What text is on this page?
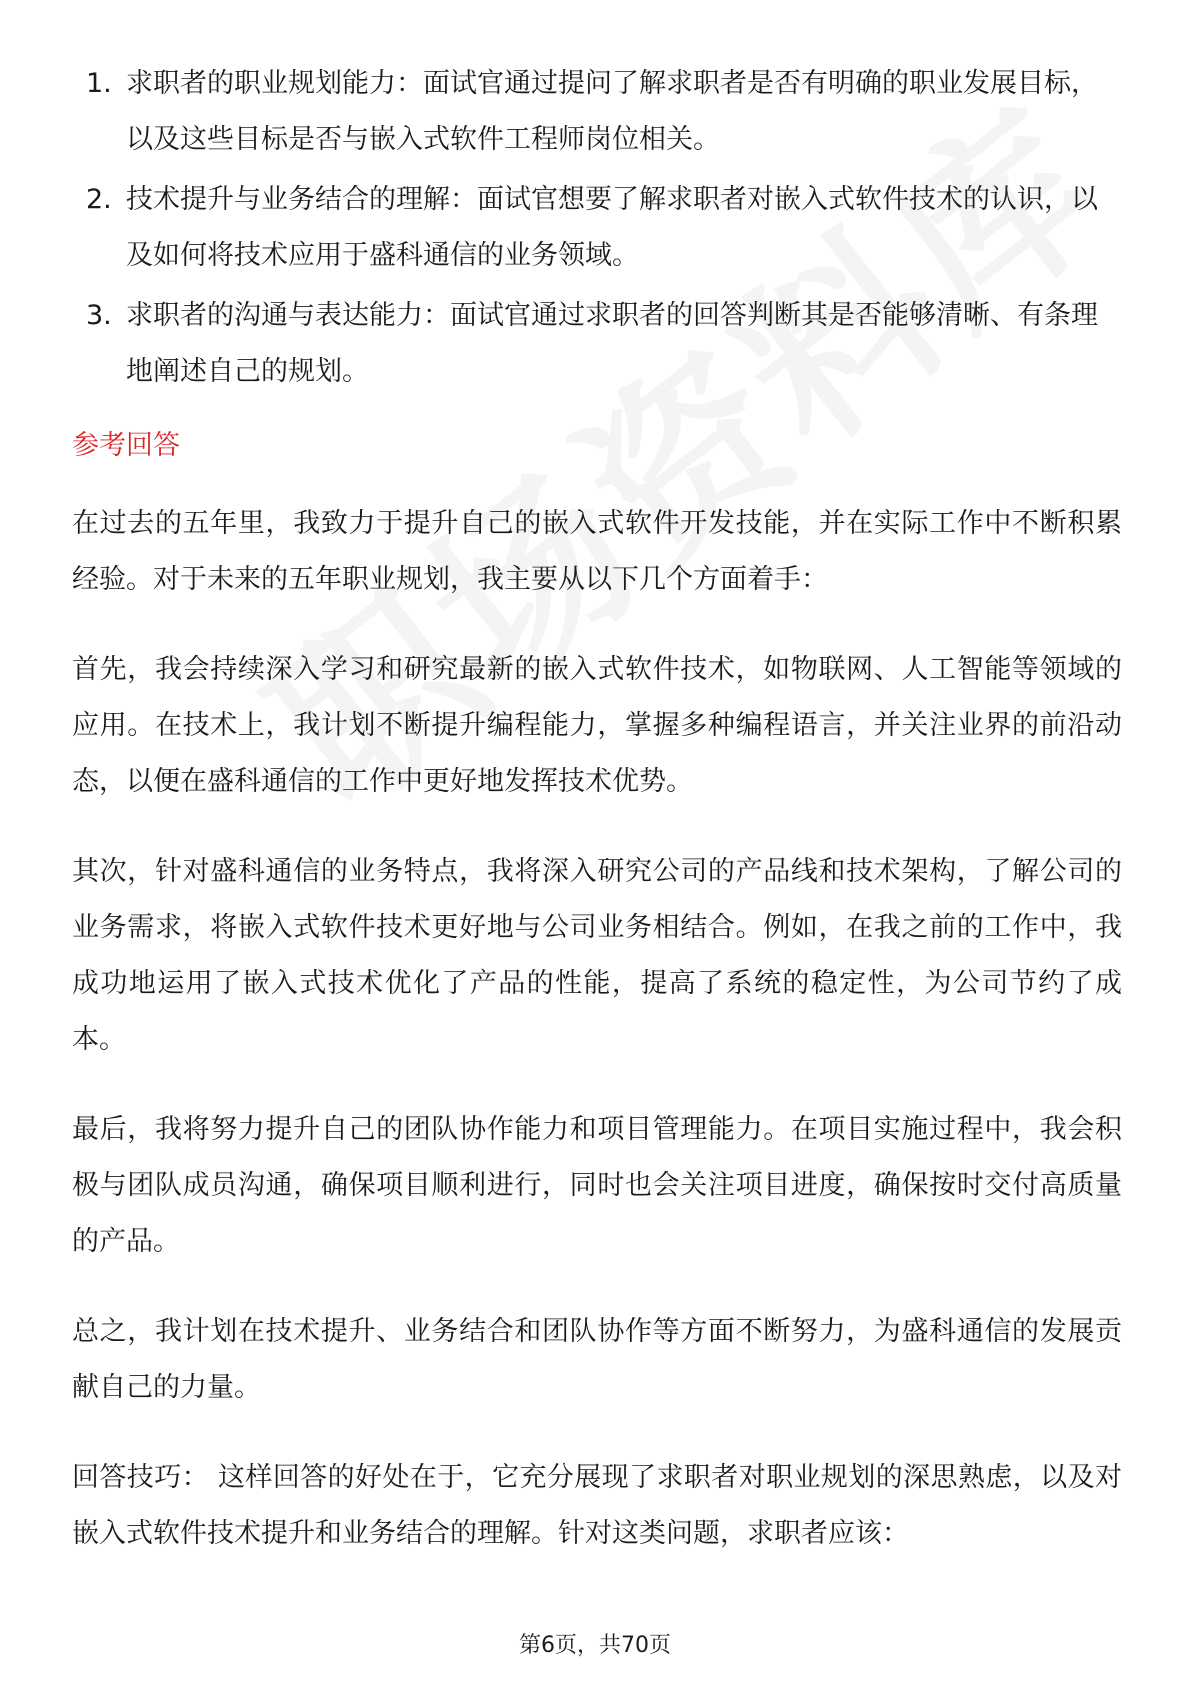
1. 求职者的职业规划能力：面试官通过提问了解求职者是否有明确的职业发展目标，以及这些目标是否与嵌入式软件工程师岗位相关。
2. 技术提升与业务结合的理解：面试官想要了解求职者对嵌入式软件技术的认识，以及如何将技术应用于盛科通信的业务领域。
3. 求职者的沟通与表达能力：面试官通过求职者的回答判断其是否能够清晰、有条理地阐述自己的规划。
参考回答

在过去的五年里，我致力于提升自己的嵌入式软件开发技能，并在实际工作中不断积累经验。对于未来的五年职业规划，我主要从以下几个方面着手：

首先，我会持续深入学习和研究最新的嵌入式软件技术，如物联网、人工智能等领域的应用。在技术上，我计划不断提升编程能力，掌握多种编程语言，并关注业界的前沿动态，以便在盛科通信的工作中更好地发挥技术优势。

其次，针对盛科通信的业务特点，我将深入研究公司的产品线和技术架构，了解公司的业务需求，将嵌入式软件技术更好地与公司业务相结合。例如，在我之前的工作中，我成功地运用了嵌入式技术优化了产品的性能，提高了系统的稳定性，为公司节约了成本。

最后，我将努力提升自己的团队协作能力和项目管理能力。在项目实施过程中，我会积极与团队成员沟通，确保项目顺利进行，同时也会关注项目进度，确保按时交付高质量的产品。

总之，我计划在技术提升、业务结合和团队协作等方面不断努力，为盛科通信的发展贡献自己的力量。

回答技巧： 这样回答的好处在于，它充分展现了求职者对职业规划的深思熟虑，以及对嵌入式软件技术提升和业务结合的理解。针对这类问题，求职者应该：

第6页，共70页
